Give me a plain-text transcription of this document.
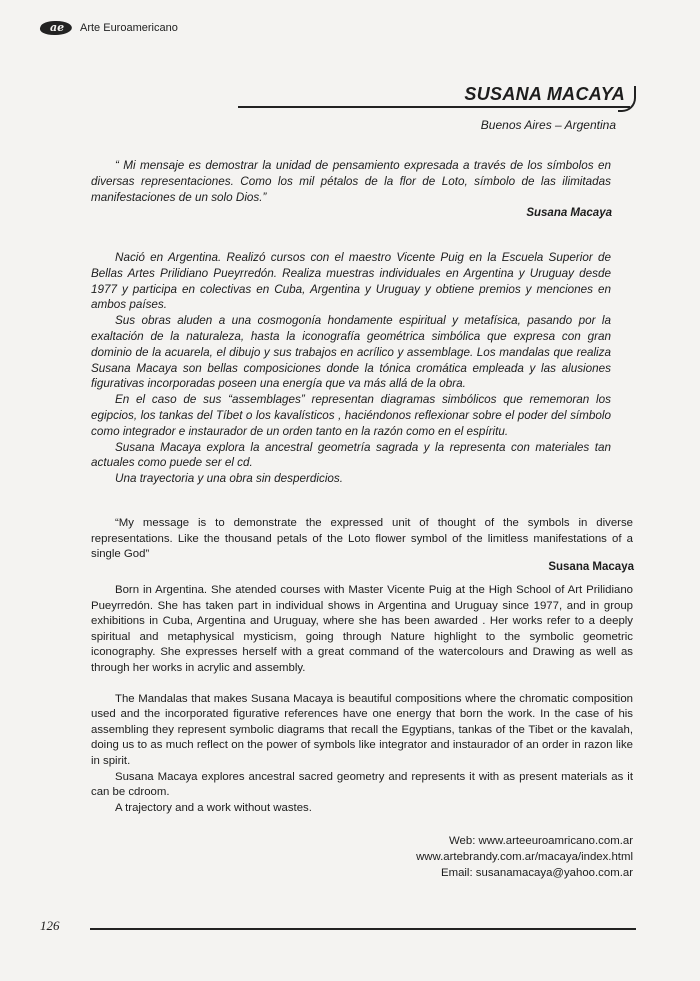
ae Arte Euroamericano
SUSANA MACAYA
Buenos Aires – Argentina
“ Mi mensaje es demostrar la unidad de pensamiento expresada a través de los símbolos en diversas representaciones. Como los mil pétalos de la flor de Loto, símbolo de las ilimitadas manifestaciones de un solo Dios.”
Susana Macaya

Nació en Argentina. Realizó cursos con el maestro Vicente Puig en la Escuela Superior de Bellas Artes Prilidiano Pueyrredón. Realiza muestras individuales en Argentina y Uruguay desde 1977 y participa en colectivas en Cuba, Argentina y Uruguay y obtiene premios y menciones en ambos países.

Sus obras aluden a una cosmogonía hondamente espiritual y metafísica, pasando por la exaltación de la naturaleza, hasta la iconografía geométrica simbólica que expresa con gran dominio de la acuarela, el dibujo y sus trabajos en acrílico y assemblage. Los mandalas que realiza Susana Macaya son bellas composiciones donde la tónica cromática empleada y las alusiones figurativas incorporadas poseen una energía que va más allá de la obra.

En el caso de sus “assemblages” representan diagramas simbólicos que rememoran los egipcios, los tankas del Tíbet o los kavalísticos , haciéndonos reflexionar sobre el poder del símbolo como integrador e instaurador de un orden tanto en la razón como en el espíritu.

Susana Macaya explora la ancestral geometría sagrada y la representa con materiales tan actuales como puede ser el cd.

Una trayectoria y una obra sin desperdicios.

“My message is to demonstrate the expressed unit of thought of the symbols in diverse representations. Like the thousand petals of the Loto flower symbol of the limitless manifestations of a single God”
Susana Macaya

Born in Argentina. She atended courses with Master Vicente Puig at the High School of Art Prilidiano Pueyrredón. She has taken part in individual shows in Argentina and Uruguay since 1977, and in group exhibitions in Cuba, Argentina and Uruguay, where she has been awarded . Her works refer to a deeply spiritual and metaphysical mysticism, going through Nature highlight to the symbolic geometric iconography. She expresses herself with a great command of the watercolours and Drawing as well as through her works in acrylic and assembly.

The Mandalas that makes Susana Macaya is beautiful compositions where the chromatic composition used and the incorporated figurative references have one energy that born the work. In the case of his assembling they represent symbolic diagrams that recall the Egyptians, tankas of the Tibet or the kavalah, doing us to as much reflect on the power of symbols like integrator and instaurador of an order in razon like in spirit.

Susana Macaya explores ancestral sacred geometry and represents it with as present materials as it can be cdroom.

A trajectory and a work without wastes.

Web: www.arteeuroamricano.com.ar
www.artebrandy.com.ar/macaya/index.html
Email: susanamacaya@yahoo.com.ar
126
